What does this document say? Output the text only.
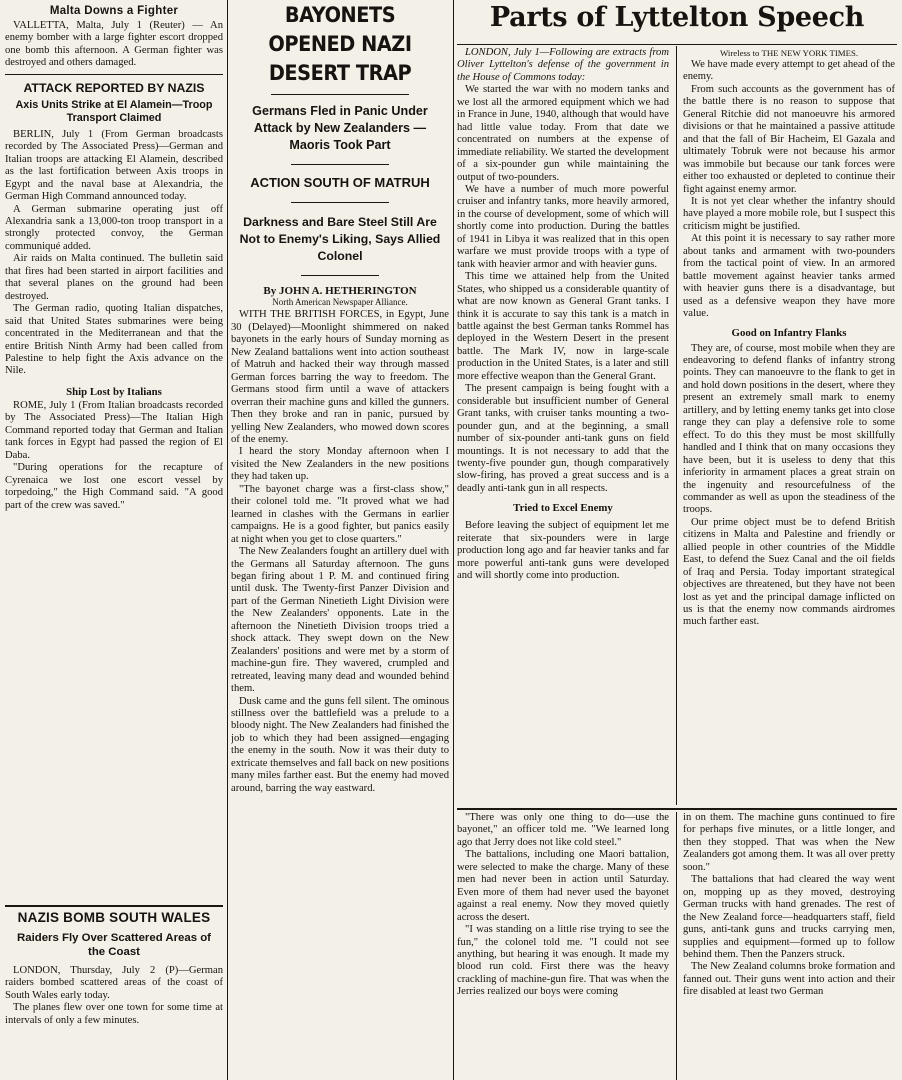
Malta Downs a Fighter

VALLETTA, Malta, July 1 (Reuter) — An enemy bomber with a large fighter escort dropped one bomb this afternoon. A German fighter was destroyed and others damaged.

ATTACK REPORTED BY NAZIS
Axis Units Strike at El Alamein—Troop Transport Claimed

BERLIN, July 1 (From German broadcasts recorded by The Associated Press)—German and Italian troops are attacking El Alamein, described as the last fortification between Axis troops in Egypt and the naval base at Alexandria, the German High Command announced today.

A German submarine operating just off Alexandria sank a 13,000-ton troop transport in a strongly protected convoy, the German communiqué added.

Air raids on Malta continued. The bulletin said that fires had been started in airport facilities and that several planes on the ground had been destroyed.

The German radio, quoting Italian dispatches, said that United States submarines were being concentrated in the Mediterranean and that the entire British Ninth Army had been called from Palestine to help fight the Axis advance on the Nile.

Ship Lost by Italians

ROME, July 1 (From Italian broadcasts recorded by The Associated Press)—The Italian High Command reported today that German and Italian tank forces in Egypt had passed the region of El Daba.

"During operations for the recapture of Cyrenaica we lost one escort vessel by torpedoing," the High Command said. "A good part of the crew was saved."

NAZIS BOMB SOUTH WALES
Raiders Fly Over Scattered Areas of the Coast

LONDON, Thursday, July 2 (P)—German raiders bombed scattered areas of the coast of South Wales early today.

The planes flew over one town for some time at intervals of only a few minutes.

BAYONETS OPENED NAZI DESERT TRAP
Germans Fled in Panic Under Attack by New Zealanders —Maoris Took Part
ACTION SOUTH OF MATRUH
Darkness and Bare Steel Still Are Not to Enemy's Liking, Says Allied Colonel
By JOHN A. HETHERINGTON
North American Newspaper Alliance.

WITH THE BRITISH FORCES, in Egypt, June 30 (Delayed)—Moonlight shimmered on naked bayonets in the early hours of Sunday morning as New Zealand battalions went into action southeast of Matruh and hacked their way through massed German forces barring the way to freedom. The Germans stood firm until a wave of attackers overran their machine guns and killed the gunners. Then they broke and ran in panic, pursued by yelling New Zealanders, who mowed down scores of the enemy.

I heard the story Monday afternoon when I visited the New Zealanders in the new positions they had taken up.

"The bayonet charge was a first-class show," their colonel told me. "It proved what we had learned in clashes with the Germans in earlier campaigns. He is a good fighter, but panics easily at night when you get to close quarters."

The New Zealanders fought an artillery duel with the Germans all Saturday afternoon. The guns began firing about 1 P. M. and continued firing until dusk. The Twenty-first Panzer Division and part of the German Ninetieth Light Division were the New Zealanders' opponents. Late in the afternoon the Ninetieth Division troops tried a shock attack. They swept down on the New Zealanders' positions and were met by a storm of machine-gun fire. They wavered, crumpled and retreated, leaving many dead and wounded behind them.

Dusk came and the guns fell silent. The ominous stillness over the battlefield was a prelude to a bloody night. The New Zealanders had finished the job to which they had been assigned—engaging the enemy in the south. Now it was their duty to extricate themselves and fall back on new positions many miles farther east. But the enemy had moved around, barring the way eastward.

Parts of Lyttelton Speech

LONDON, July 1—Following are extracts from Oliver Lyttelton's defense of the government in the House of Commons today:

We started the war with no modern tanks and we lost all the armored equipment which we had in France in June, 1940, although that would have had little value today. From that date we concentrated on numbers at the expense of immediate reliability. We started the development of a six-pounder gun while maintaining the output of two-pounders.

We have a number of much more powerful cruiser and infantry tanks, more heavily armored, in the course of development, some of which will shortly come into production. During the battles of 1941 in Libya it was realized that in this open warfare we must provide troops with a type of tank with heavier armor and with heavier guns.

This time we attained help from the United States, who shipped us a considerable quantity of what are now known as General Grant tanks. I think it is accurate to say this tank is a match in battle against the best German tanks Rommel has deployed in the Western Desert in the present battle. The Mark IV, now in large-scale production in the United States, is a later and still more effective weapon than the General Grant.

The present campaign is being fought with a considerable but insufficient number of General Grant tanks, with cruiser tanks mounting a two-pounder gun, and at the beginning, a small number of six-pounder anti-tank guns on field mountings. It is not necessary to add that the twenty-five pounder gun, though comparatively slow-firing, has proved a great success and is a deadly anti-tank gun in all respects.

Tried to Excel Enemy

Before leaving the subject of equipment let me reiterate that six-pounders were in large production long ago and far heavier tanks and far more powerful anti-tank guns were developed and will shortly come into production.

Wireless to THE NEW YORK TIMES.

We have made every attempt to get ahead of the enemy.

From such accounts as the government has of the battle there is no reason to suppose that General Ritchie did not manoeuvre his armored divisions or that he maintained a passive attitude and that the fall of Bir Hacheim, El Gazala and ultimately Tobruk were not because his armor was immobile but because our tank forces were either too exhausted or depleted to continue their fight against enemy armor.

It is not yet clear whether the infantry should have played a more mobile role, but I suspect this criticism might be justified.

At this point it is necessary to say rather more about tanks and armament with two-pounders from the tactical point of view. In an armored battle movement against heavier tanks armed with heavier guns there is a disadvantage, but used as a defensive weapon they have more value.

Good on Infantry Flanks

They are, of course, most mobile when they are endeavoring to defend flanks of infantry strong points. They can manoeuvre to the flank to get in and hold down positions in the desert, where they present an extremely small mark to enemy artillery, and by letting enemy tanks get into close range they can play a defensive role to some effect. To do this they must be most skillfully handled and I think that on many occasions they have been, but it is useless to deny that this inferiority in armament places a great strain on the ingenuity and resourcefulness of the commander as well as upon the steadiness of the troops.

Our prime object must be to defend British citizens in Malta and Palestine and friendly or allied people in other countries of the Middle East, to defend the Suez Canal and the oil fields of Iraq and Persia. Today important strategical objectives are threatened, but they have not been lost as yet and the principal damage inflicted on us is that the enemy now commands airdromes much farther east.

"There was only one thing to do—use the bayonet," an officer told me. "We learned long ago that Jerry does not like cold steel."

The battalions, including one Maori battalion, were selected to make the charge. Many of these men had never been in action until Saturday. Even more of them had never used the bayonet against a real enemy. Now they moved quietly across the desert.

"I was standing on a little rise trying to see the fun," the colonel told me. "I could not see anything, but hearing it was enough. It made my blood run cold. First there was the heavy crackling of machine-gun fire. That was when the Jerries realized our boys were coming

in on them. The machine guns continued to fire for perhaps five minutes, or a little longer, and then they stopped. That was when the New Zealanders got among them. It was all over pretty soon."

The battalions that had cleared the way went on, mopping up as they moved, destroying German trucks with hand grenades. The rest of the New Zealand force—headquarters staff, field guns, anti-tank guns and trucks carrying men, supplies and equipment—formed up to follow behind them. Then the Panzers struck.

The New Zealand columns broke formation and fanned out. Their guns went into action and their fire disabled at least two German
